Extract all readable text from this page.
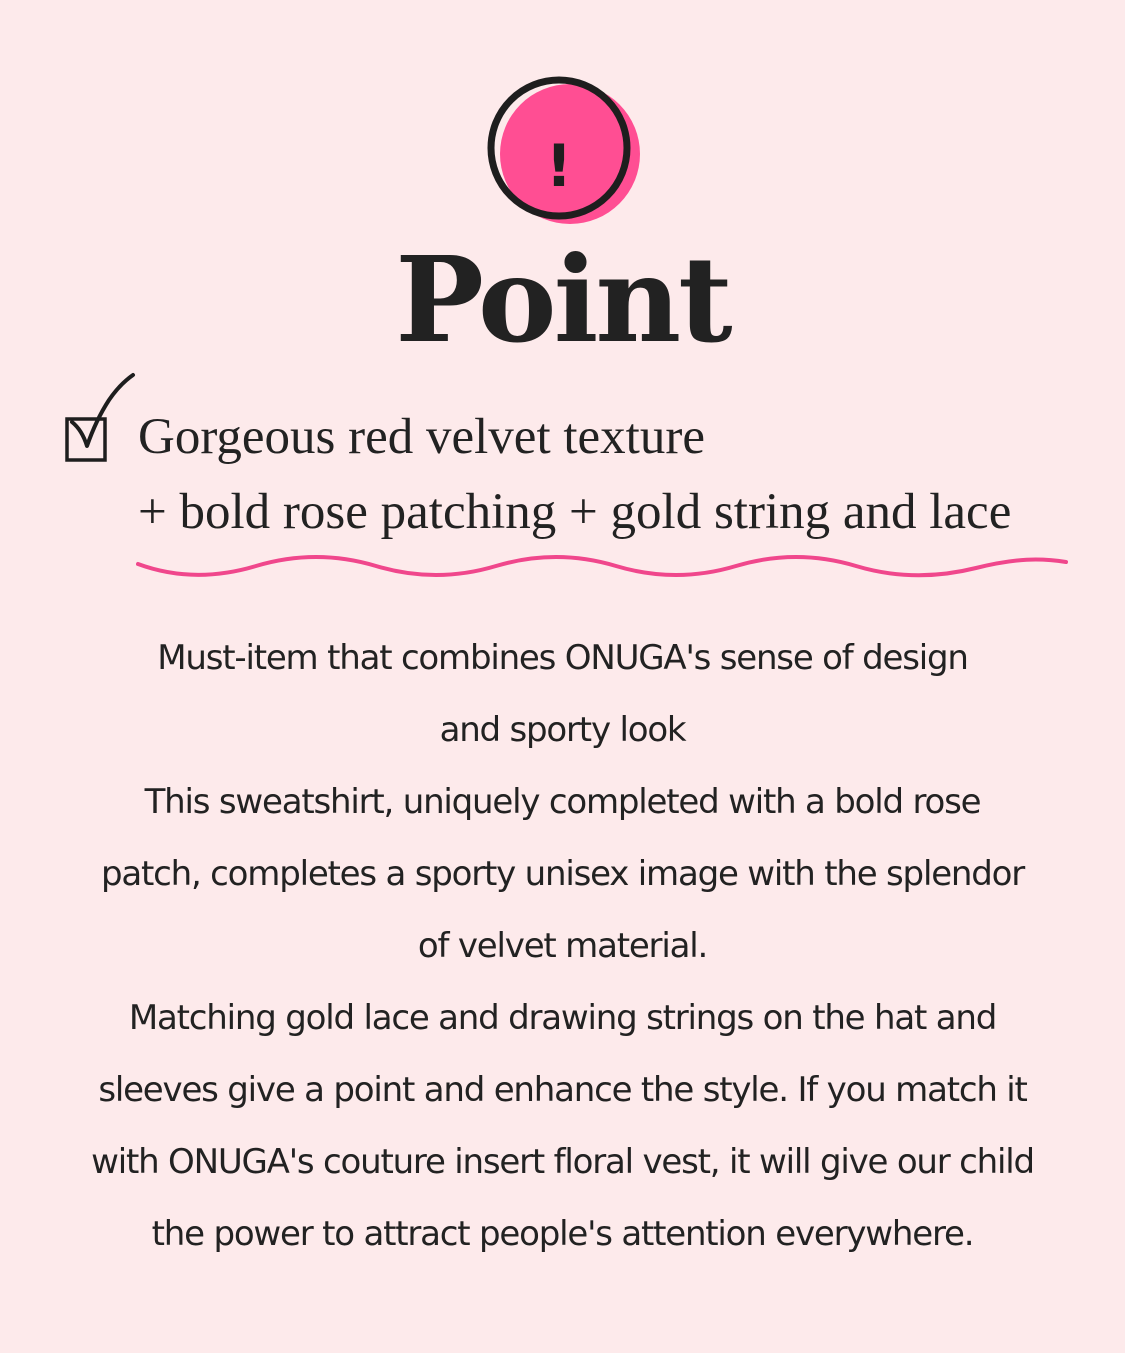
!
Point
Gorgeous red velvet texture
+ bold rose patching + gold string and lace
Must-item that combines ONUGA's sense of design
and sporty look
This sweatshirt, uniquely completed with a bold rose
patch, completes a sporty unisex image with the splendor
of velvet material.
Matching gold lace and drawing strings on the hat and
sleeves give a point and enhance the style. If you match it
with ONUGA's couture insert floral vest, it will give our child
the power to attract people's attention everywhere.
